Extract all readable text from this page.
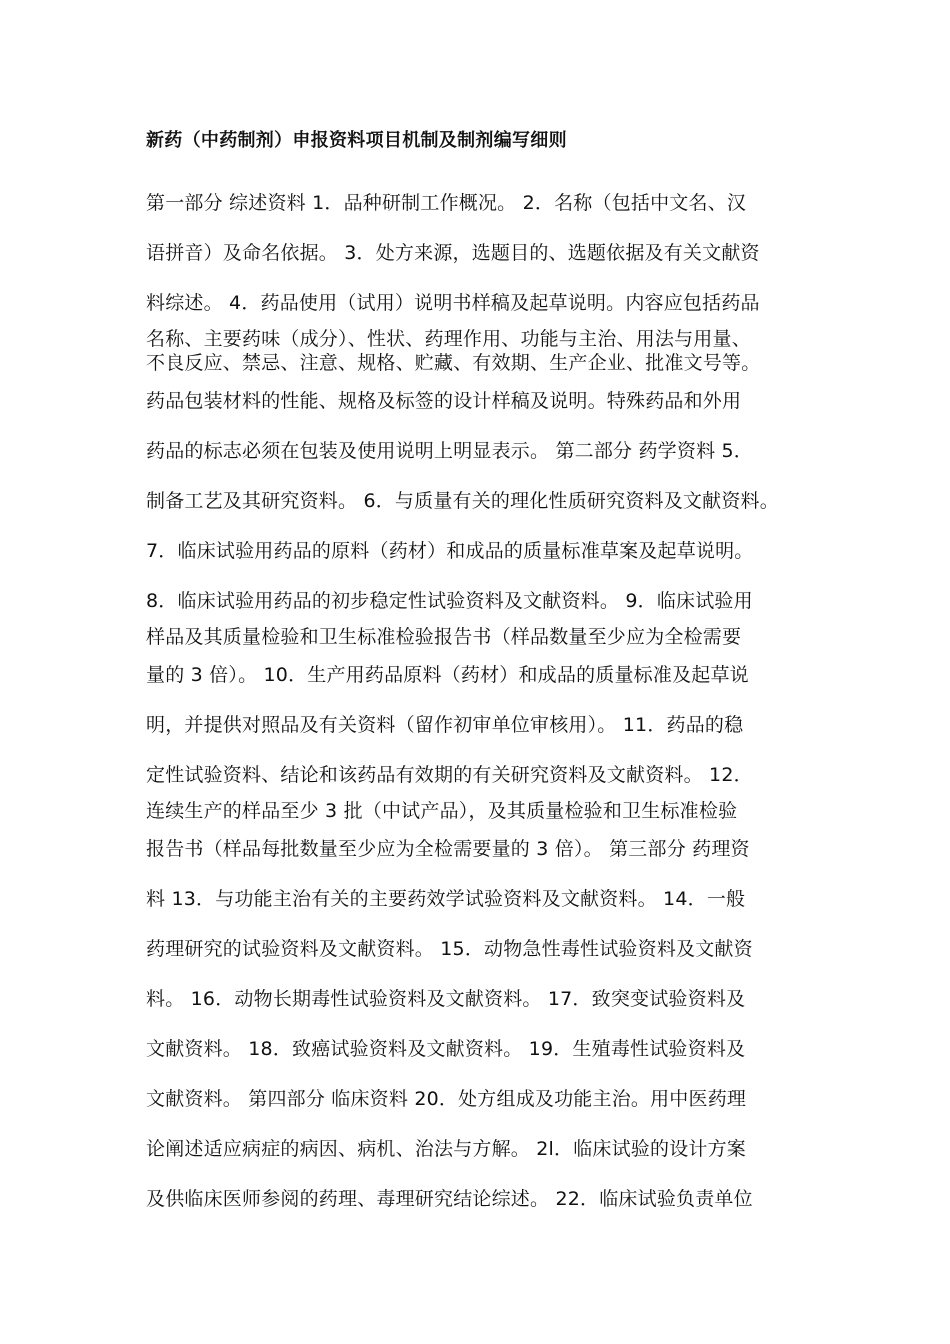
新药（中药制剂）申报资料项目机制及制剂编写细则
第一部分 综述资料 1．品种研制工作概况。 2．名称（包括中文名、汉
语拼音）及命名依据。 3．处方来源，选题目的、选题依据及有关文献资
料综述。 4．药品使用（试用）说明书样稿及起草说明。内容应包括药品
名称、主要药味（成分）、性状、药理作用、功能与主治、用法与用量、
不良反应、禁忌、注意、规格、贮藏、有效期、生产企业、批准文号等。
药品包装材料的性能、规格及标签的设计样稿及说明。特殊药品和外用
药品的标志必须在包装及使用说明上明显表示。 第二部分 药学资料 5．
制备工艺及其研究资料。 6．与质量有关的理化性质研究资料及文献资料。
7．临床试验用药品的原料（药材）和成品的质量标准草案及起草说明。
8．临床试验用药品的初步稳定性试验资料及文献资料。 9．临床试验用
样品及其质量检验和卫生标准检验报告书（样品数量至少应为全检需要
量的 3 倍）。 10．生产用药品原料（药材）和成品的质量标准及起草说
明，并提供对照品及有关资料（留作初审单位审核用）。 11．药品的稳
定性试验资料、结论和该药品有效期的有关研究资料及文献资料。 12．
连续生产的样品至少 3 批（中试产品），及其质量检验和卫生标准检验
报告书（样品每批数量至少应为全检需要量的 3 倍）。 第三部分 药理资
料 13．与功能主治有关的主要药效学试验资料及文献资料。 14．一般
药理研究的试验资料及文献资料。 15．动物急性毒性试验资料及文献资
料。 16．动物长期毒性试验资料及文献资料。 17．致突变试验资料及
文献资料。 18．致癌试验资料及文献资料。 19．生殖毒性试验资料及
文献资料。 第四部分 临床资料 20．处方组成及功能主治。用中医药理
论阐述适应病症的病因、病机、治法与方解。 2l．临床试验的设计方案
及供临床医师参阅的药理、毒理研究结论综述。 22．临床试验负责单位
